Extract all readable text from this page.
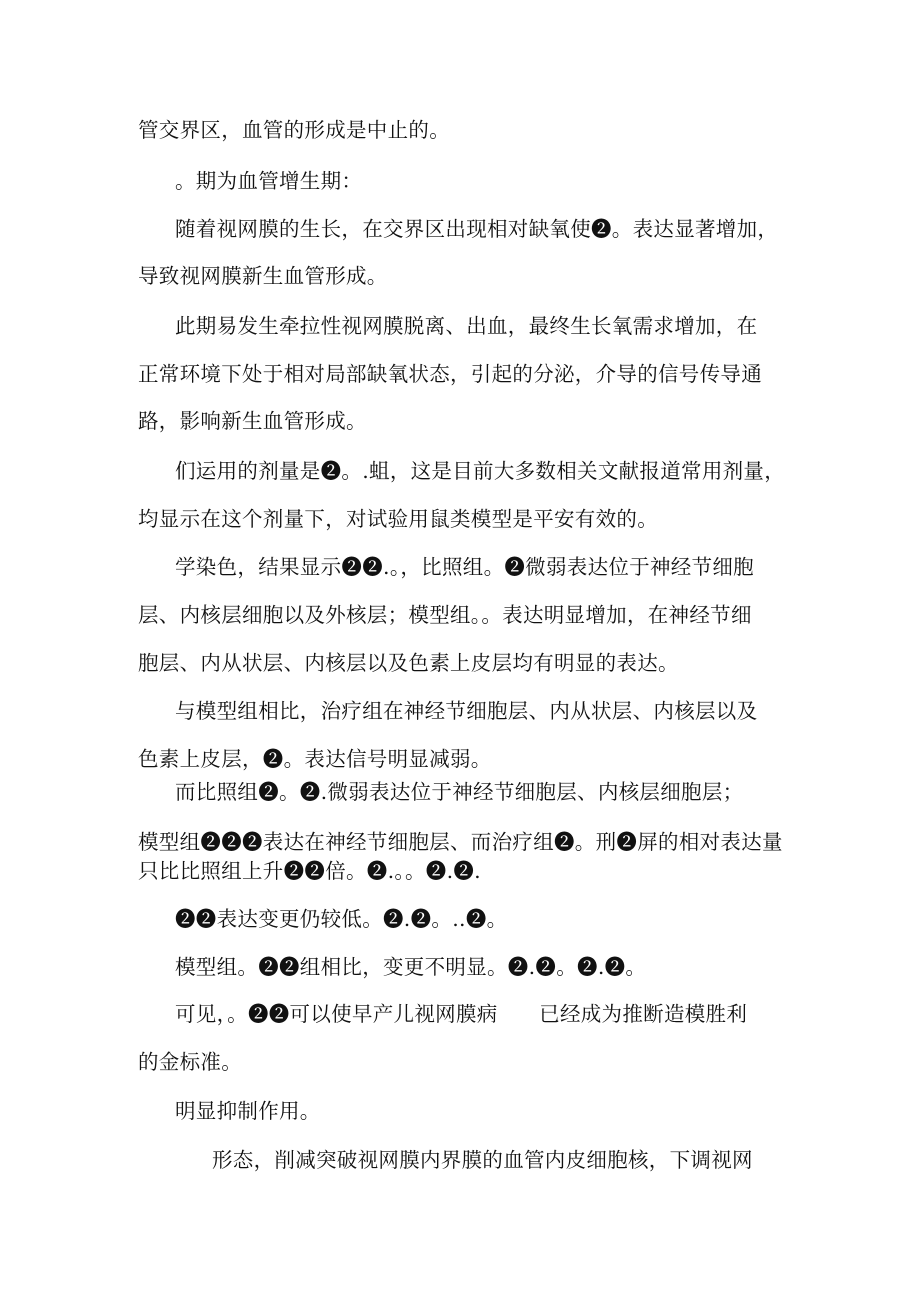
管交界区，血管的形成是中止的。
。期为血管增生期：
随着视网膜的生长，在交界区出现相对缺氧使❷。表达显著增加，
导致视网膜新生血管形成。
此期易发生牵拉性视网膜脱离、出血，最终生长氧需求增加，在
正常环境下处于相对局部缺氧状态，引起的分泌，介导的信号传导通
路，影响新生血管形成。
们运用的剂量是❷。.蛆，这是目前大多数相关文献报道常用剂量，
均显示在这个剂量下，对试验用鼠类模型是平安有效的。
学染色，结果显示❷❷.。，比照组。❷微弱表达位于神经节细胞
层、内核层细胞以及外核层；模型组。。表达明显增加，在神经节细
胞层、内从状层、内核层以及色素上皮层均有明显的表达。
与模型组相比，治疗组在神经节细胞层、内从状层、内核层以及
色素上皮层，❷。表达信号明显减弱。
而比照组❷。❷.微弱表达位于神经节细胞层、内核层细胞层；
模型组❷❷❷表达在神经节细胞层、而治疗组❷。刑❷屏的相对表达量
只比比照组上升❷❷倍。❷.。。❷.❷.
❷❷表达变更仍较低。❷.❷。..❷。
模型组。❷❷组相比，变更不明显。❷.❷。❷.❷。
可见，。❷❷可以使早产儿视网膜病　　已经成为推断造模胜利
的金标准。
明显抑制作用。
形态，削减突破视网膜内界膜的血管内皮细胞核，下调视网
